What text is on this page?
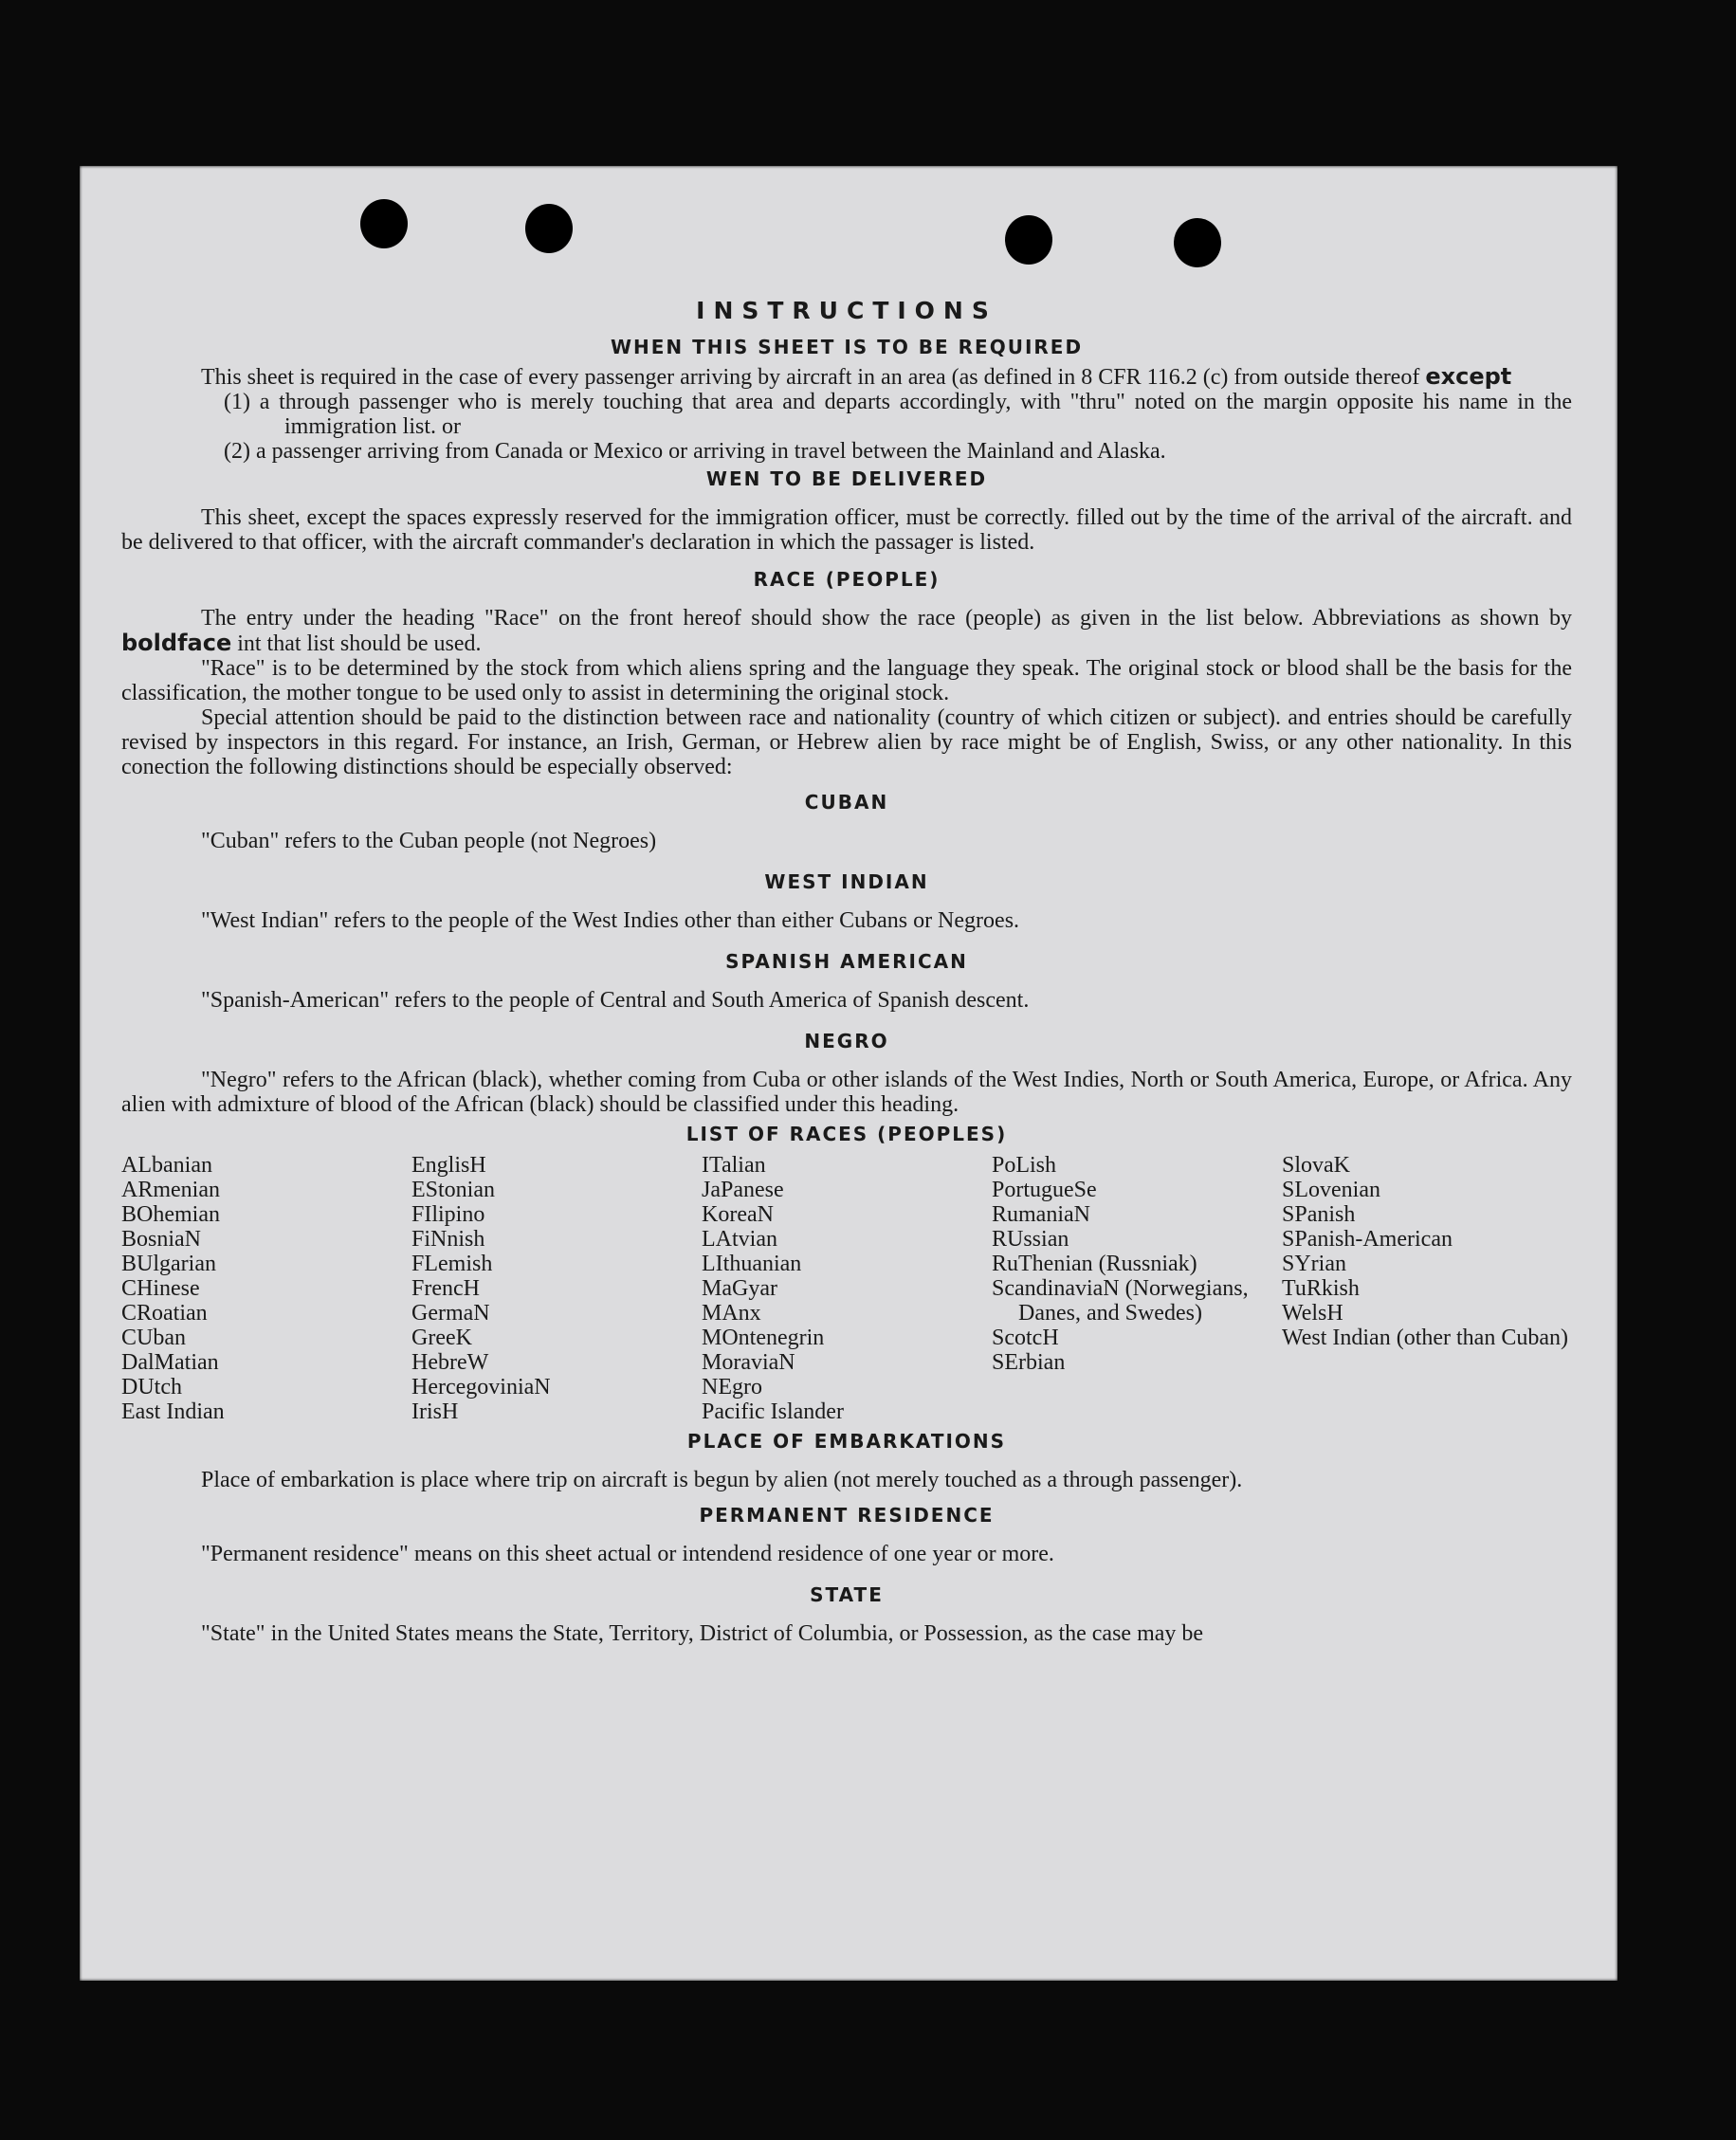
INSTRUCTIONS
WHEN THIS SHEET IS TO BE REQUIRED

This sheet is required in the case of every passenger arriving by aircraft in an area (as defined in 8 CFR 116.2 (c) from outside thereof except

(1) a through passenger who is merely touching that area and departs accordingly, with "thru" noted on the margin opposite his name in the immigration list. or

(2) a passenger arriving from Canada or Mexico or arriving in travel between the Mainland and Alaska.

WEN TO BE DELIVERED

This sheet, except the spaces expressly reserved for the immigration officer, must be correctly. filled out by the time of the arrival of the aircraft. and be delivered to that officer, with the aircraft commander's declaration in which the passager is listed.

RACE (PEOPLE)

The entry under the heading "Race" on the front hereof should show the race (people) as given in the list below. Abbreviations as shown by boldface int that list should be used.

"Race" is to be determined by the stock from which aliens spring and the language they speak. The original stock or blood shall be the basis for the classification, the mother tongue to be used only to assist in determining the original stock.

Special attention should be paid to the distinction between race and nationality (country of which citizen or subject). and entries should be carefully revised by inspectors in this regard. For instance, an Irish, German, or Hebrew alien by race might be of English, Swiss, or any other nationality. In this conection the following distinctions should be especially observed:

CUBAN

"Cuban" refers to the Cuban people (not Negroes)

WEST INDIAN

"West Indian" refers to the people of the West Indies other than either Cubans or Negroes.

SPANISH AMERICAN

"Spanish-American" refers to the people of Central and South America of Spanish descent.

NEGRO

"Negro" refers to the African (black), whether coming from Cuba or other islands of the West Indies, North or South America, Europe, or Africa. Any alien with admixture of blood of the African (black) should be classified under this heading.

LIST OF RACES (PEOPLES)
ALbanian
ARmenian
BOhemian
BosniaN
BUlgarian
CHinese
CRoatian
CUban
DalMatian
DUtch
East Indian
EnglisH
EStonian
FIlipino
FiNnish
FLemish
FrencH
GermaN
GreeK
HebreW
HercegoviniaN
IrisH
ITalian
JaPanese
KoreaN
LAtvian
LIthuanian
MaGyar
MAnx
MOntenegrin
MoraviaN
NEgro
Pacific Islander
PoLish
PortugueSe
RumaniaN
RUssian
RuThenian (Russniak)
ScandinaviaN (Norwegians, Danes, and Swedes)
ScotcH
SErbian
SlovaK
SLovenian
SPanish
SPanish-American
SYrian
TuRkish
WelsH
West Indian (other than Cuban)
PLACE OF EMBARKATIONS

Place of embarkation is place where trip on aircraft is begun by alien (not merely touched as a through passenger).

PERMANENT RESIDENCE

"Permanent residence" means on this sheet actual or intendend residence of one year or more.

STATE

"State" in the United States means the State, Territory, District of Columbia, or Possession, as the case may be
